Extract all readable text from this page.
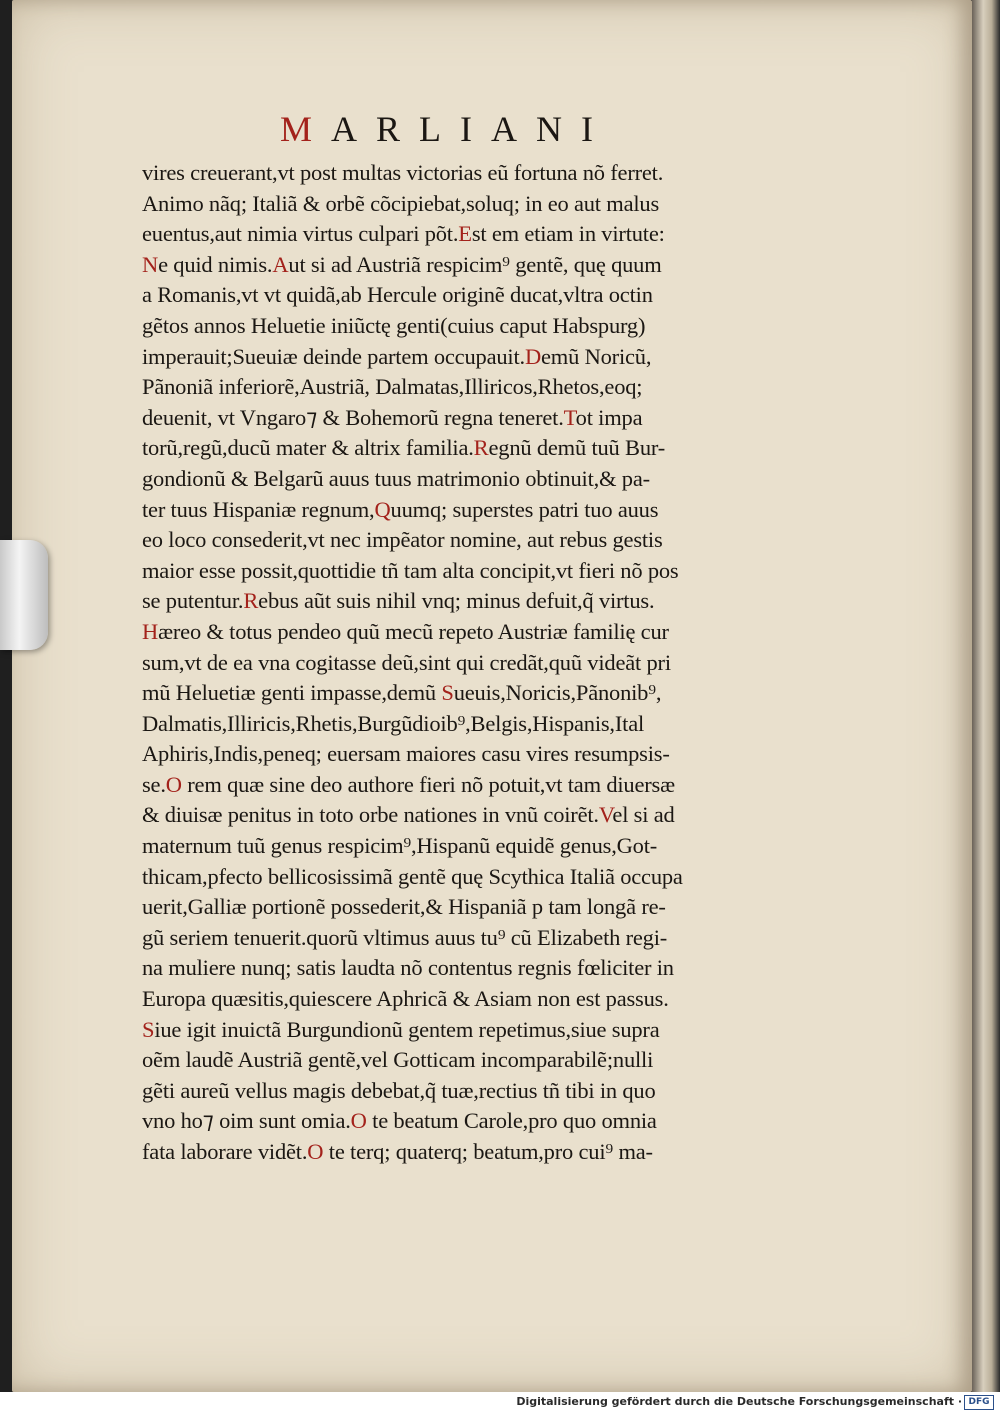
MARLIANI
vires creuerant,vt post multas victorias eũ fortuna nõ ferret.
Animo nãq; Italiã & orbẽ cõcipiebat,soluq; in eo aut malus
euentus,aut nimia virtus culpari põt.Est em etiam in virtute:
Ne quid nimis.Aut si ad Austriã respicim⁹ gentẽ, quę quum
a Romanis,vt vt quidã,ab Hercule originẽ ducat,vltra octin
gẽtos annos Heluetie iniũctę genti(cuius caput Habspurg)
imperauit;Sueuiæ deinde partem occupauit.Demũ Noricũ,
Pãnoniã inferiorẽ,Austriã, Dalmatas,Illiricos,Rhetos,eoq;
deuenit, vt Vngaro⁊ & Bohemorũ regna teneret.Tot impa
torũ,regũ,ducũ mater & altrix familia.Regnũ demũ tuũ Bur-
gondionũ & Belgarũ auus tuus matrimonio obtinuit,& pa-
ter tuus Hispaniæ regnum,Quumq; superstes patri tuo auus
eo loco consederit,vt nec impẽator nomine, aut rebus gestis
maior esse possit,quottidie tñ tam alta concipit,vt fieri nõ pos
se putentur.Rebus aũt suis nihil vnq; minus defuit,q̃ virtus.
Hæreo & totus pendeo quũ mecũ repeto Austriæ familię cur
sum,vt de ea vna cogitasse deũ,sint qui credãt,quũ videãt pri
mũ Heluetiæ genti impasse,demũ Sueuis,Noricis,Pãnonib⁹,
Dalmatis,Illiricis,Rhetis,Burgũdioib⁹,Belgis,Hispanis,Ital
Aphiris,Indis,peneq; euersam maiores casu vires resumpsis-
se.O rem quæ sine deo authore fieri nõ potuit,vt tam diuersæ
& diuisæ penitus in toto orbe nationes in vnũ coirẽt.Vel si ad
maternum tuũ genus respicim⁹,Hispanũ equidẽ genus,Got-
thicam,pfecto bellicosissimã gentẽ quę Scythica Italiã occupa
uerit,Galliæ portionẽ possederit,& Hispaniã p tam longã re-
gũ seriem tenuerit.quorũ vltimus auus tu⁹ cũ Elizabeth regi-
na muliere nunq; satis laudta nõ contentus regnis fœliciter in
Europa quæsitis,quiescere Aphricã & Asiam non est passus.
Siue igit inuictã Burgundionũ gentem repetimus,siue supra
oẽm laudẽ Austriã gentẽ,vel Gotticam incomparabilẽ;nulli
gẽti aureũ vellus magis debebat,q̃ tuæ,rectius tñ tibi in quo
vno ho⁊ oim sunt omia.O te beatum Carole,pro quo omnia
fata laborare vidẽt.O te terq; quaterq; beatum,pro cui⁹ ma-
Digitalisierung gefördert durch die Deutsche Forschungsgemeinschaft · DFG
